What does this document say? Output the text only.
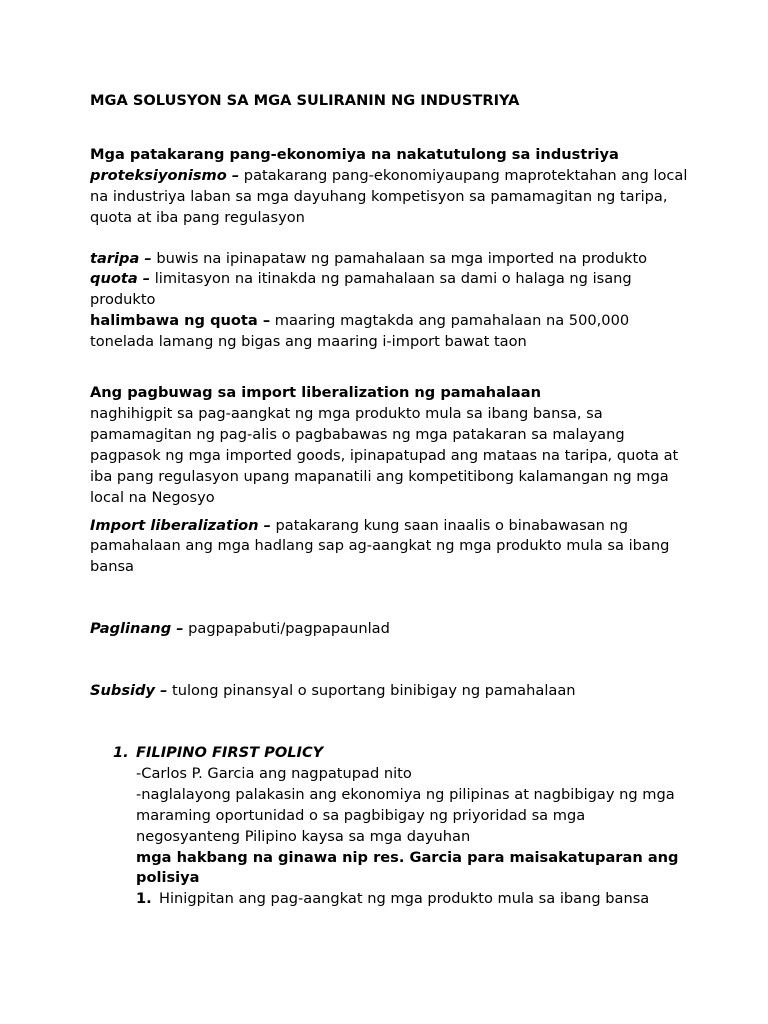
MGA SOLUSYON SA MGA SULIRANIN NG INDUSTRIYA

Mga patakarang pang-ekonomiya na nakatutulong sa industriya

proteksiyonismo – patakarang pang-ekonomiyaupang maprotektahan ang local na industriya laban sa mga dayuhang kompetisyon sa pamamagitan ng taripa, quota at iba pang regulasyon

taripa – buwis na ipinapataw ng pamahalaan sa mga imported na produkto

quota – limitasyon na itinakda ng pamahalaan sa dami o halaga ng isang produkto

halimbawa ng quota – maaring magtakda ang pamahalaan na 500,000 tonelada lamang ng bigas ang maaring i-import bawat taon

Ang pagbuwag sa import liberalization ng pamahalaan

naghihigpit sa pag-aangkat ng mga produkto mula sa ibang bansa, sa pamamagitan ng pag-alis o pagbabawas ng mga patakaran sa malayang pagpasok ng mga imported goods, ipinapatupad ang mataas na taripa, quota at iba pang regulasyon upang mapanatili ang kompetitibong kalamangan ng mga local na Negosyo

Import liberalization – patakarang kung saan inaalis o binabawasan ng pamahalaan ang mga hadlang sap ag-aangkat ng mga produkto mula sa ibang bansa

Paglinang – pagpapabuti/pagpapaunlad

Subsidy – tulong pinansyal o suportang binibigay ng pamahalaan

1. FILIPINO FIRST POLICY

-Carlos P. Garcia ang nagpatupad nito

-naglalayong palakasin ang ekonomiya ng pilipinas at nagbibigay ng mga maraming oportunidad o sa pagbibigay ng priyoridad sa mga negosyanteng Pilipino kaysa sa mga dayuhan

mga hakbang na ginawa nip res. Garcia para maisakatuparan ang polisiya

1. Hinigpitan ang pag-aangkat ng mga produkto mula sa ibang bansa
